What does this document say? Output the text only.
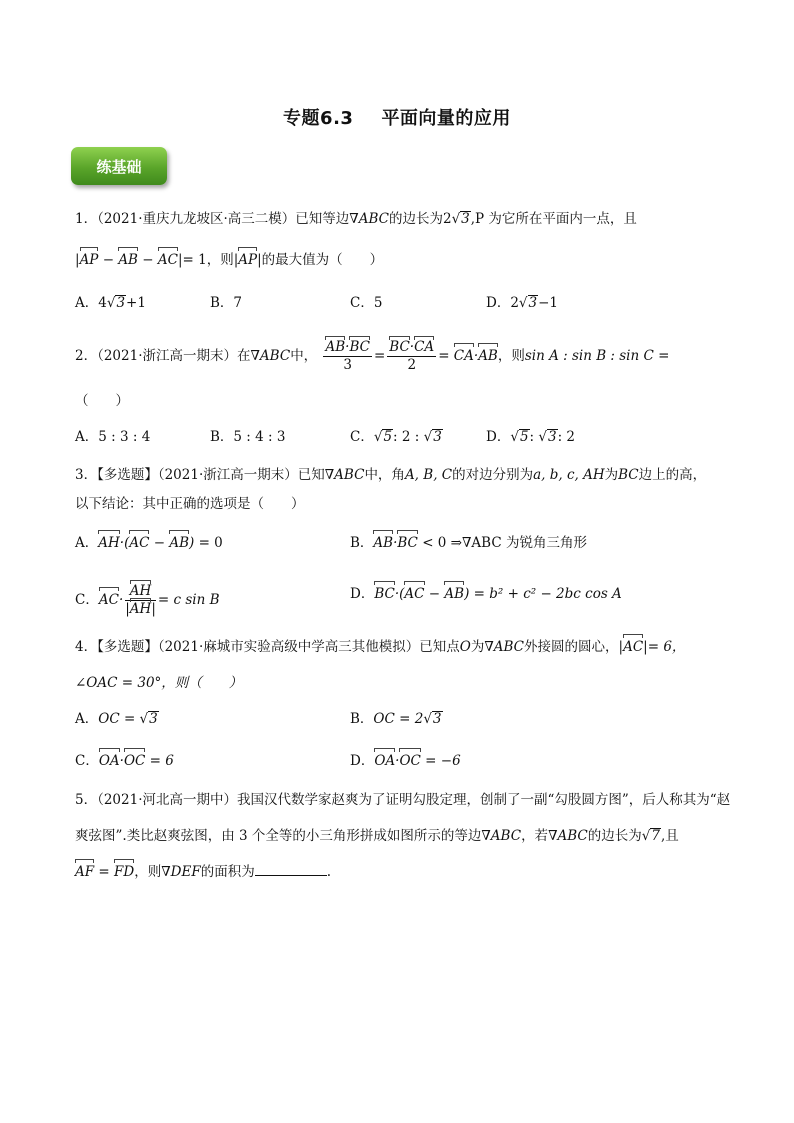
专题6.3 平面向量的应用
练基础
1．（2021·重庆九龙坡区·高三二模）已知等边∇ABC的边长为2√3,P 为它所在平面内一点，且
|AP − AB − AC|= 1，则|AP|的最大值为（　　）
A．4√3+1	B．7	C．5	D．2√3−1
2．（2021·浙江高一期末）在∇ABC中， $\frac{AB\cdot BC}{3} = \frac{BC\cdot CA}{2} = CA\cdot AB$，则sin A : sin B : sin C =
（　　）
A．5 : 3 : 4	B．5 : 4 : 3	C．√5: 2 : √3	D．√5: √3: 2
3．【多选题】（2021·浙江高一期末）已知∇ABC中，角A, B, C的对边分别为a, b, c, AH为BC边上的高，
以下结论：其中正确的选项是（　　）
A．AH·(AC − AB) = 0	B．AB·BC < 0 ⇒∇ABC 为锐角三角形
C．$AC\cdot \frac{AH}{|AH|} = c$ sin B	D．BC·(AC − AB) = b² + c² − 2bc cos A
4．【多选题】（2021·麻城市实验高级中学高三其他模拟）已知点O为∇ABC外接圆的圆心，|AC|= 6，
∠OAC = 30°，则（　　）
A．OC = √3	B．OC = 2√3
C．OA·OC = 6	D．OA·OC = −6
5．（2021·河北高一期中）我国汉代数学家赵爽为了证明勾股定理，创制了一副“勾股圆方图”，后人称其为“赵
爽弦图”.类比赵爽弦图，由 3 个全等的小三角形拼成如图所示的等边∇ABC，若∇ABC的边长为√7,且
AF = FD，则∇DEF的面积为	.
